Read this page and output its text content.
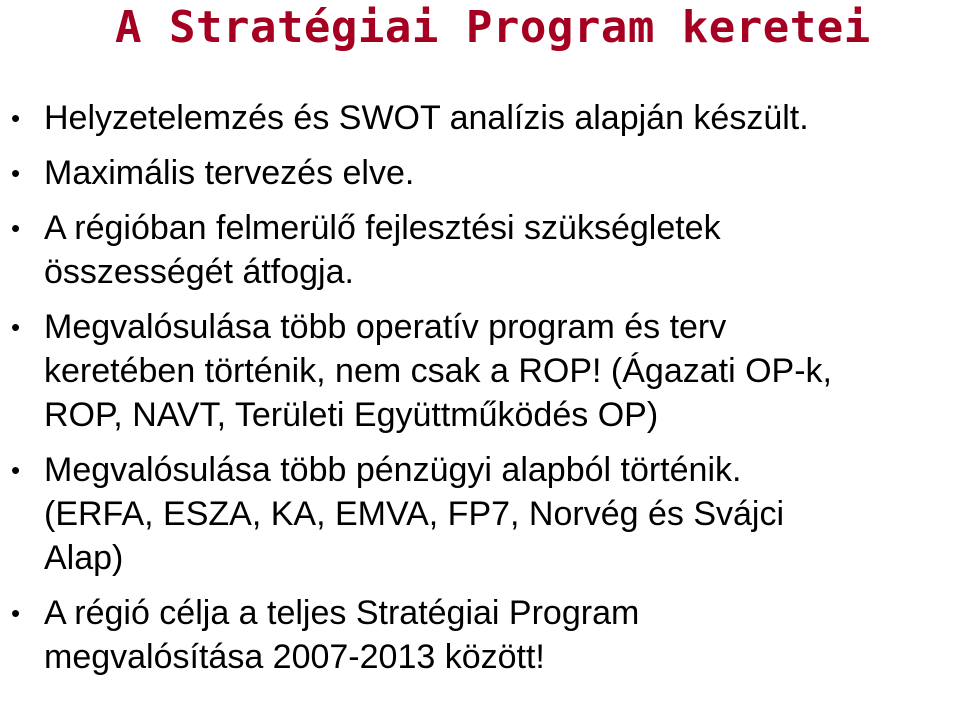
A Stratégiai Program keretei
• Helyzetelemzés és SWOT analízis alapján készült.
• Maximális tervezés elve.
• A régióban felmerülő fejlesztési szükségletek
összességét átfogja.
• Megvalósulása több operatív program és terv
keretében történik, nem csak a ROP! (Ágazati OP-k,
ROP, NAVT, Területi Együttműködés OP)
• Megvalósulása több pénzügyi alapból történik.
(ERFA, ESZA, KA, EMVA, FP7, Norvég és Svájci
Alap)
• A régió célja a teljes Stratégiai Program
megvalósítása 2007-2013 között!
